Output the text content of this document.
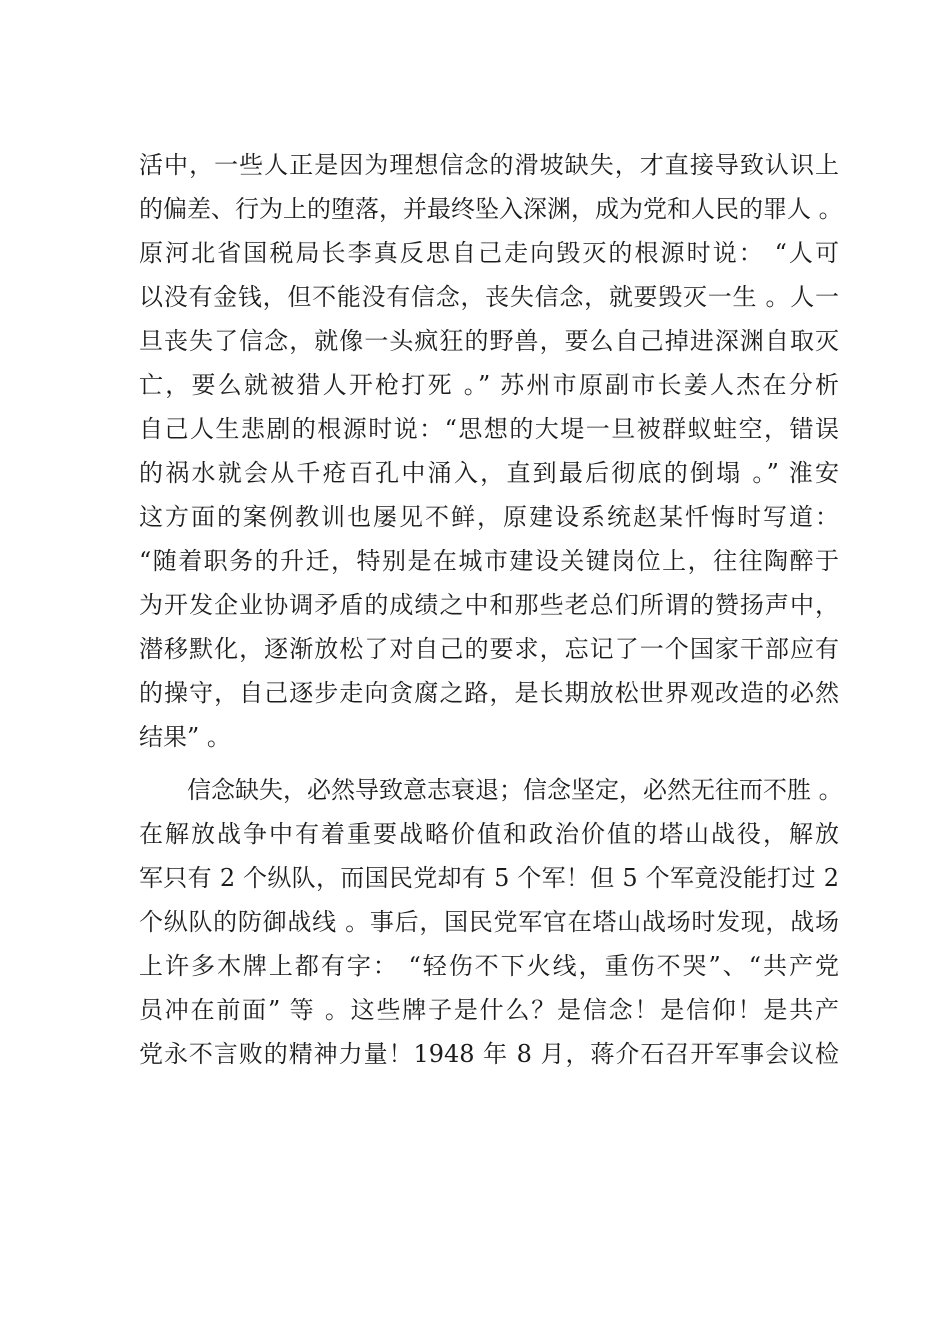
活中，一些人正是因为理想信念的滑坡缺失，才直接导致认识上
的偏差、行为上的堕落，并最终坠入深渊，成为党和人民的罪人 。
原河北省国税局长李真反思自己走向毁灭的根源时说： “人可
以没有金钱，但不能没有信念，丧失信念，就要毁灭一生 。人一
旦丧失了信念，就像一头疯狂的野兽，要么自己掉进深渊自取灭
亡，要么就被猎人开枪打死 。” 苏州市原副市长姜人杰在分析
自己人生悲剧的根源时说：“思想的大堤一旦被群蚁蛀空，错误
的祸水就会从千疮百孔中涌入，直到最后彻底的倒塌 。” 淮安
这方面的案例教训也屡见不鲜，原建设系统赵某忏悔时写道：
“随着职务的升迁，特别是在城市建设关键岗位上，往往陶醉于
为开发企业协调矛盾的成绩之中和那些老总们所谓的赞扬声中，
潜移默化，逐渐放松了对自己的要求，忘记了一个国家干部应有
的操守，自己逐步走向贪腐之路，是长期放松世界观改造的必然
结果” 。
　　信念缺失，必然导致意志衰退；信念坚定，必然无往而不胜 。
在解放战争中有着重要战略价值和政治价值的塔山战役，解放
军只有 2 个纵队，而国民党却有 5 个军！但 5 个军竟没能打过 2
个纵队的防御战线 。事后，国民党军官在塔山战场时发现，战场
上许多木牌上都有字： “轻伤不下火线，重伤不哭”、“共产党
员冲在前面” 等 。这些牌子是什么？是信念！是信仰！是共产
党永不言败的精神力量！1948 年 8 月，蒋介石召开军事会议检
